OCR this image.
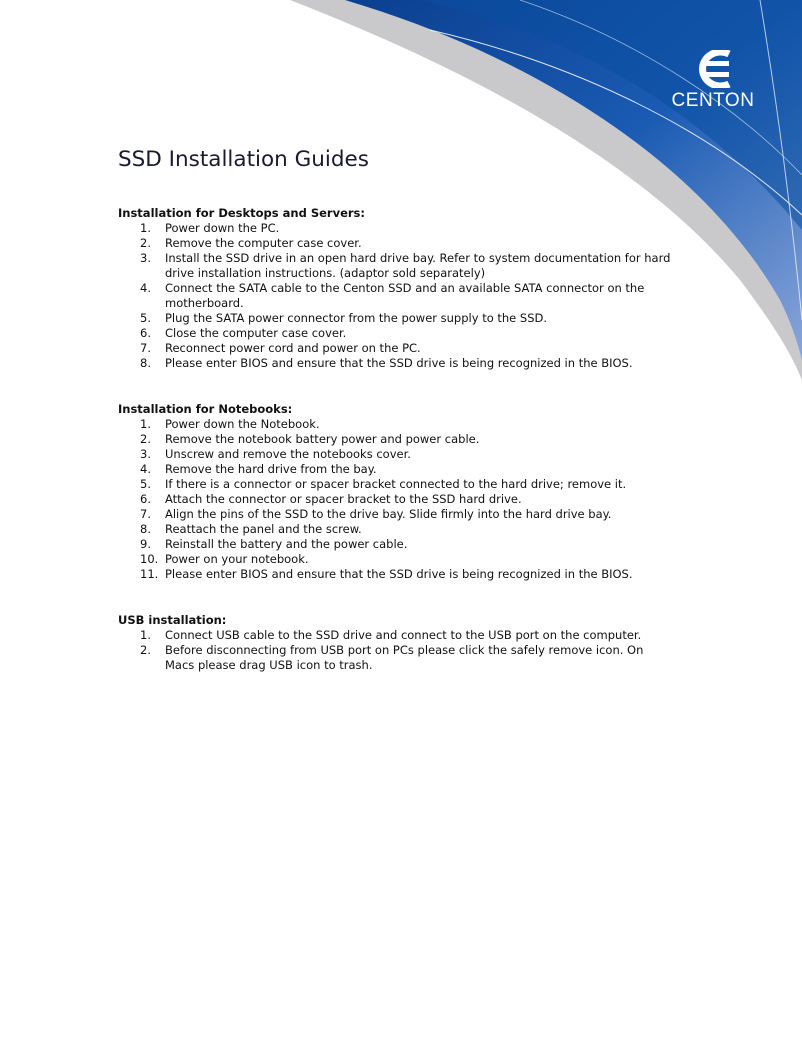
CENTON
SSD Installation Guides
Installation for Desktops and Servers:
1. Power down the PC.
2. Remove the computer case cover.
3. Install the SSD drive in an open hard drive bay. Refer to system documentation for hard
drive installation instructions. (adaptor sold separately)
4. Connect the SATA cable to the Centon SSD and an available SATA connector on the
motherboard.
5. Plug the SATA power connector from the power supply to the SSD.
6. Close the computer case cover.
7. Reconnect power cord and power on the PC.
8. Please enter BIOS and ensure that the SSD drive is being recognized in the BIOS.
Installation for Notebooks:
1. Power down the Notebook.
2. Remove the notebook battery power and power cable.
3. Unscrew and remove the notebooks cover.
4. Remove the hard drive from the bay.
5. If there is a connector or spacer bracket connected to the hard drive; remove it.
6. Attach the connector or spacer bracket to the SSD hard drive.
7. Align the pins of the SSD to the drive bay. Slide firmly into the hard drive bay.
8. Reattach the panel and the screw.
9. Reinstall the battery and the power cable.
10. Power on your notebook.
11. Please enter BIOS and ensure that the SSD drive is being recognized in the BIOS.
USB installation:
1. Connect USB cable to the SSD drive and connect to the USB port on the computer.
2. Before disconnecting from USB port on PCs please click the safely remove icon. On
Macs please drag USB icon to trash.
